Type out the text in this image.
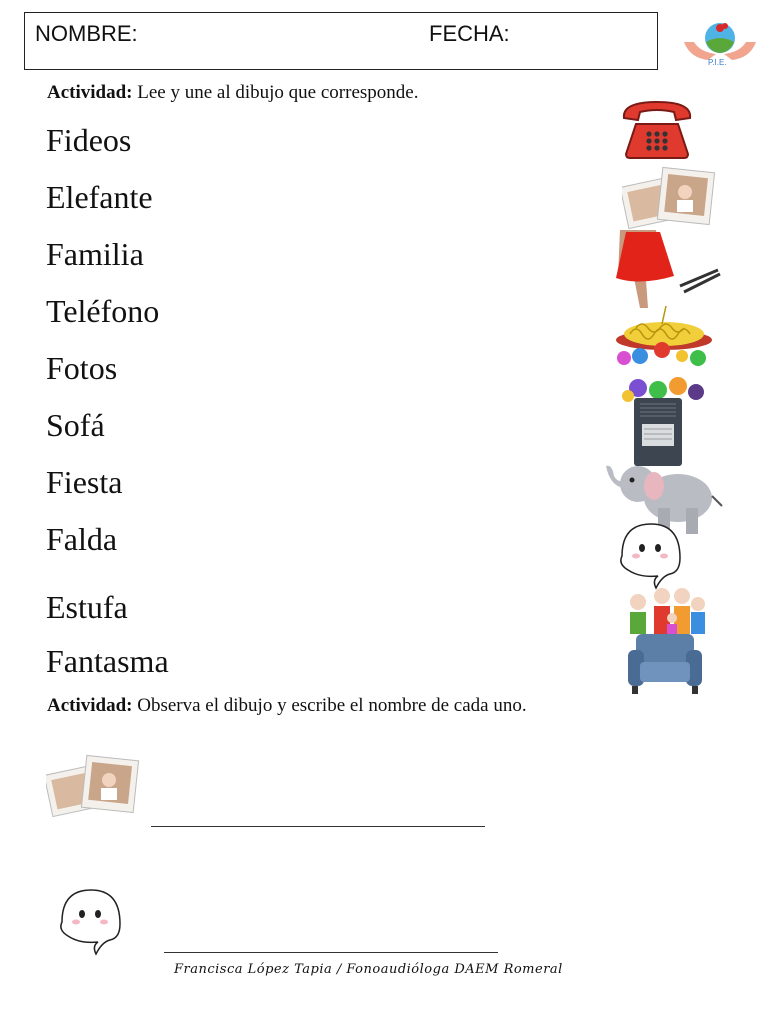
NOMBRE:	FECHA:
P.I.E.
Actividad: Lee y une al dibujo que corresponde.
Fideos
Elefante
Familia
Teléfono
Fotos
Sofá
Fiesta
Falda
Estufa
Fantasma
Actividad: Observa el dibujo y escribe el nombre de cada uno.
Francisca López Tapia / Fonoaudióloga DAEM Romeral
